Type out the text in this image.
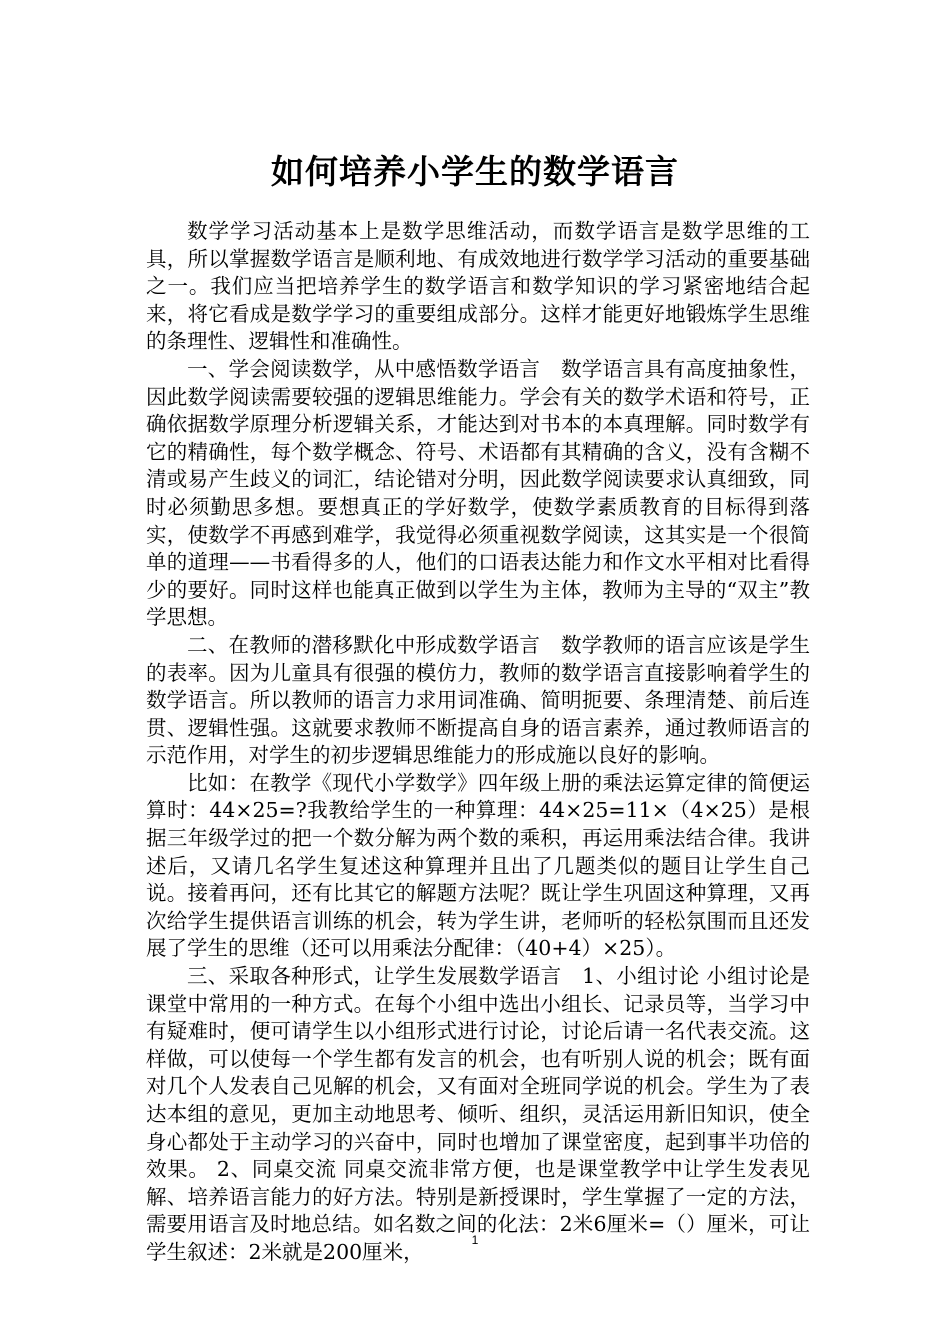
如何培养小学生的数学语言

数学学习活动基本上是数学思维活动，而数学语言是数学思维的工具，所以掌握数学语言是顺利地、有成效地进行数学学习活动的重要基础之一。我们应当把培养学生的数学语言和数学知识的学习紧密地结合起来，将它看成是数学学习的重要组成部分。这样才能更好地锻炼学生思维的条理性、逻辑性和准确性。

一、学会阅读数学，从中感悟数学语言　数学语言具有高度抽象性，因此数学阅读需要较强的逻辑思维能力。学会有关的数学术语和符号，正确依据数学原理分析逻辑关系，才能达到对书本的本真理解。同时数学有它的精确性，每个数学概念、符号、术语都有其精确的含义，没有含糊不清或易产生歧义的词汇，结论错对分明，因此数学阅读要求认真细致，同时必须勤思多想。要想真正的学好数学，使数学素质教育的目标得到落实，使数学不再感到难学，我觉得必须重视数学阅读，这其实是一个很简单的道理——书看得多的人，他们的口语表达能力和作文水平相对比看得少的要好。同时这样也能真正做到以学生为主体，教师为主导的“双主”教学思想。

二、在教师的潜移默化中形成数学语言　数学教师的语言应该是学生的表率。因为儿童具有很强的模仿力，教师的数学语言直接影响着学生的数学语言。所以教师的语言力求用词准确、简明扼要、条理清楚、前后连贯、逻辑性强。这就要求教师不断提高自身的语言素养，通过教师语言的示范作用，对学生的初步逻辑思维能力的形成施以良好的影响。

比如：在教学《现代小学数学》四年级上册的乘法运算定律的简便运算时：44×25=?我教给学生的一种算理：44×25=11×（4×25）是根据三年级学过的把一个数分解为两个数的乘积，再运用乘法结合律。我讲述后，又请几名学生复述这种算理并且出了几题类似的题目让学生自己说。接着再问，还有比其它的解题方法呢？既让学生巩固这种算理，又再次给学生提供语言训练的机会，转为学生讲，老师听的轻松氛围而且还发展了学生的思维（还可以用乘法分配律：（40+4）×25）。

三、采取各种形式，让学生发展数学语言　1、小组讨论 小组讨论是课堂中常用的一种方式。在每个小组中选出小组长、记录员等，当学习中有疑难时，便可请学生以小组形式进行讨论，讨论后请一名代表交流。这样做，可以使每一个学生都有发言的机会，也有听别人说的机会；既有面对几个人发表自己见解的机会，又有面对全班同学说的机会。学生为了表达本组的意见，更加主动地思考、倾听、组织，灵活运用新旧知识，使全身心都处于主动学习的兴奋中，同时也增加了课堂密度，起到事半功倍的效果。 2、同桌交流 同桌交流非常方便，也是课堂教学中让学生发表见解、培养语言能力的好方法。特别是新授课时，学生掌握了一定的方法，需要用语言及时地总结。如名数之间的化法：2米6厘米=（）厘米，可让学生叙述：2米就是200厘米，	1
